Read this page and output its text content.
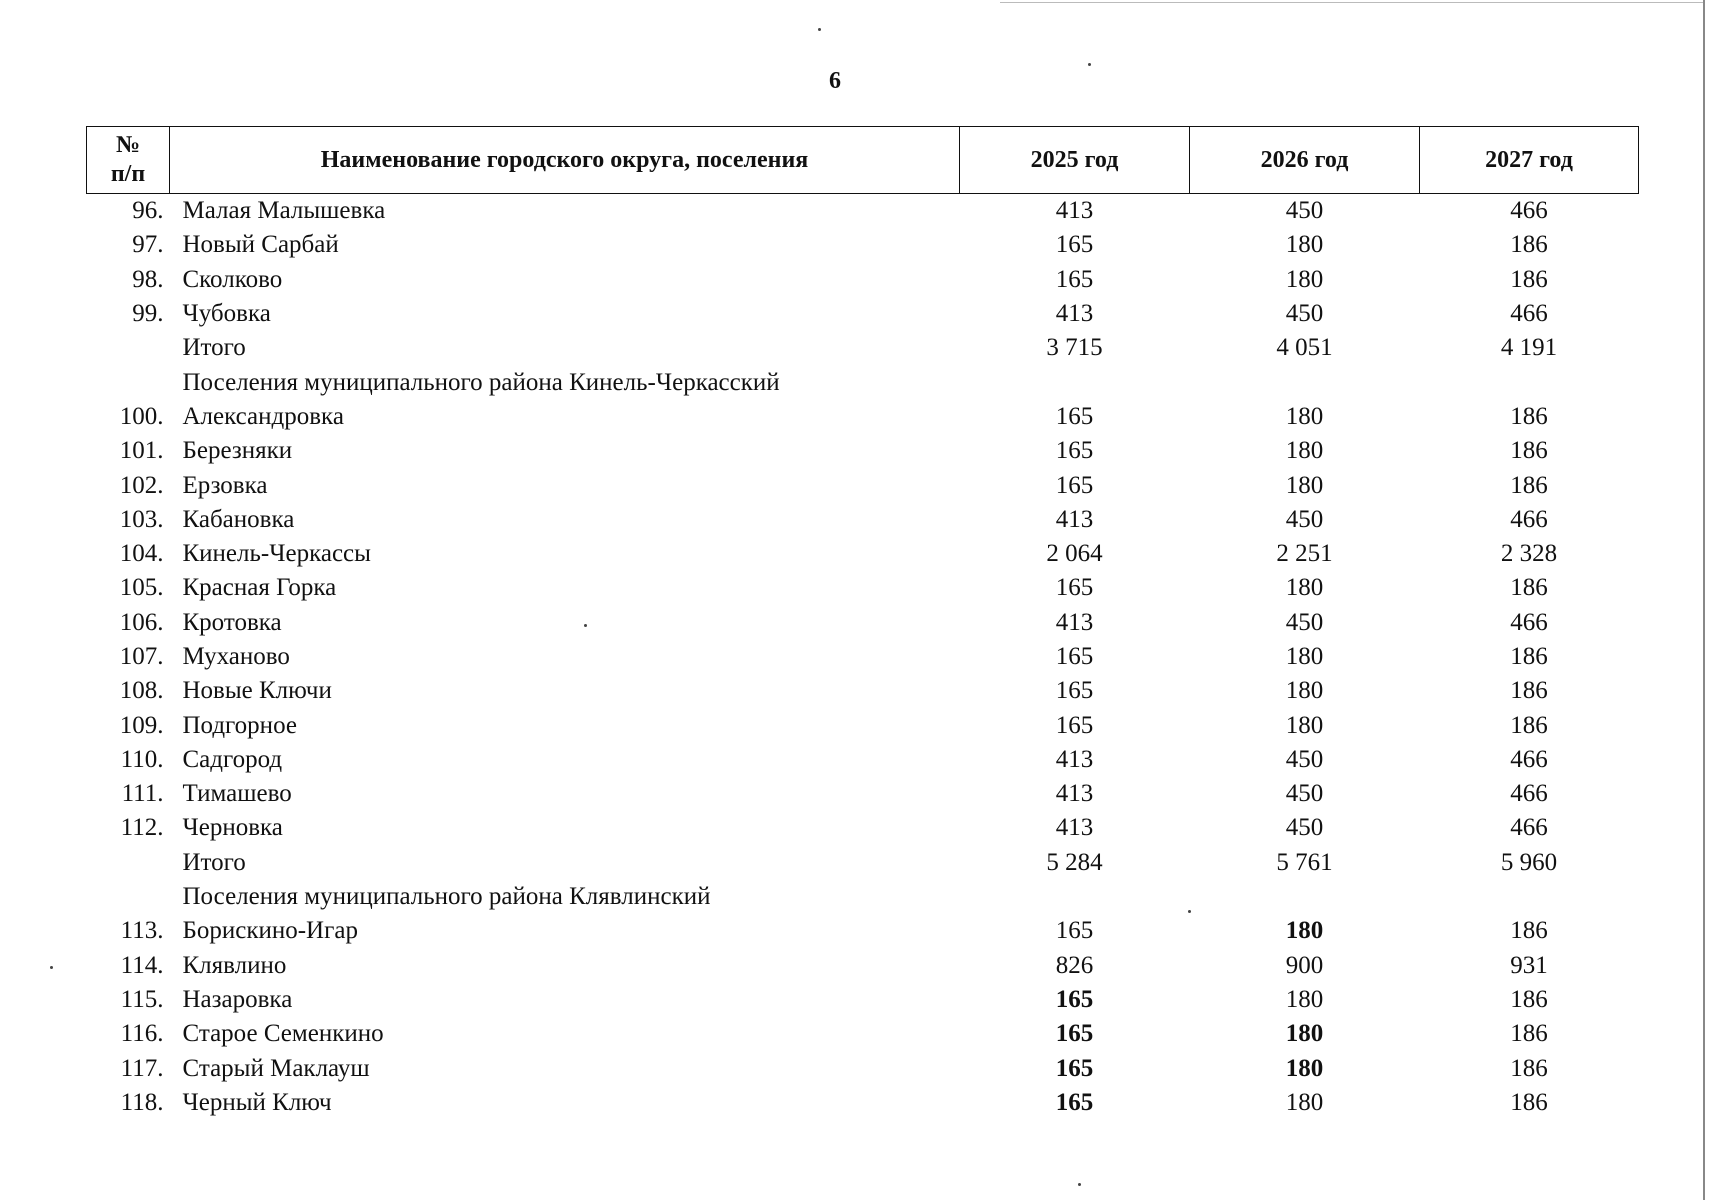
6
№
п/п	Наименование городского округа, поселения	2025 год	2026 год	2027 год
96.	Малая Малышевка	413	450	466
97.	Новый Сарбай	165	180	186
98.	Сколково	165	180	186
99.	Чубовка	413	450	466
	Итого	3 715	4 051	4 191
	Поселения муниципального района Кинель-Черкасский			
100.	Александровка	165	180	186
101.	Березняки	165	180	186
102.	Ерзовка	165	180	186
103.	Кабановка	413	450	466
104.	Кинель-Черкассы	2 064	2 251	2 328
105.	Красная Горка	165	180	186
106.	Кротовка	413	450	466
107.	Муханово	165	180	186
108.	Новые Ключи	165	180	186
109.	Подгорное	165	180	186
110.	Садгород	413	450	466
111.	Тимашево	413	450	466
112.	Черновка	413	450	466
	Итого	5 284	5 761	5 960
	Поселения муниципального района Клявлинский			
113.	Борискино-Игар	165	180	186
114.	Клявлино	826	900	931
115.	Назаровка	165	180	186
116.	Старое Семенкино	165	180	186
117.	Старый Маклауш	165	180	186
118.	Черный Ключ	165	180	186
